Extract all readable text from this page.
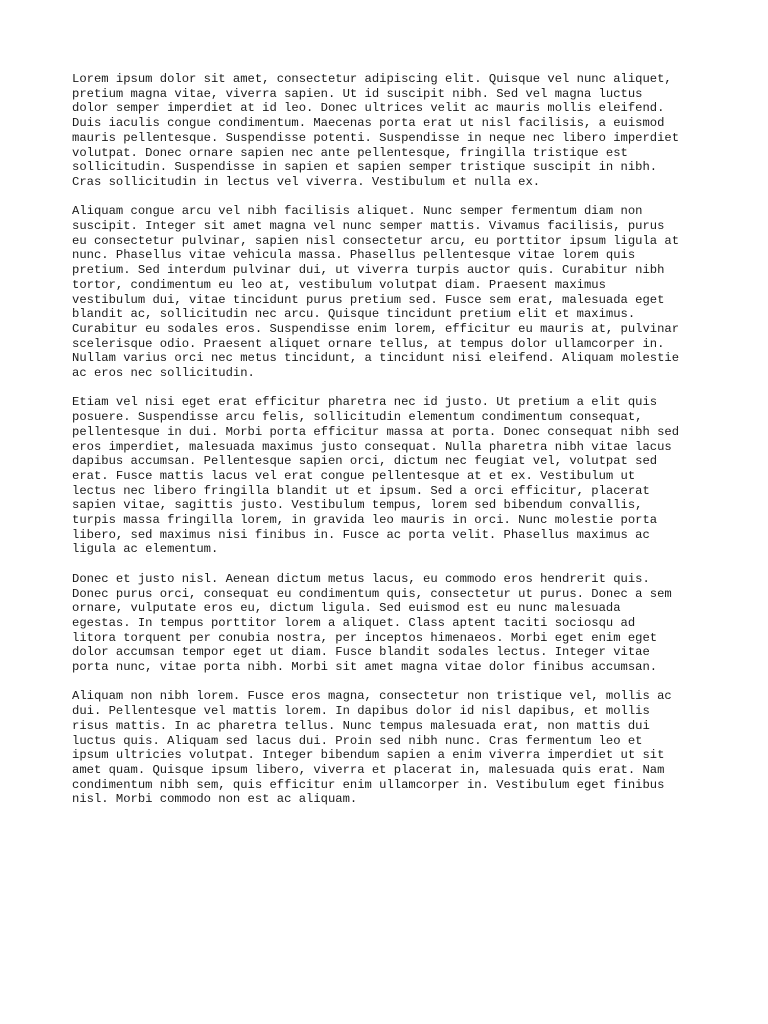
Lorem ipsum dolor sit amet, consectetur adipiscing elit. Quisque vel nunc aliquet,
pretium magna vitae, viverra sapien. Ut id suscipit nibh. Sed vel magna luctus
dolor semper imperdiet at id leo. Donec ultrices velit ac mauris mollis eleifend.
Duis iaculis congue condimentum. Maecenas porta erat ut nisl facilisis, a euismod
mauris pellentesque. Suspendisse potenti. Suspendisse in neque nec libero imperdiet
volutpat. Donec ornare sapien nec ante pellentesque, fringilla tristique est
sollicitudin. Suspendisse in sapien et sapien semper tristique suscipit in nibh.
Cras sollicitudin in lectus vel viverra. Vestibulum et nulla ex.

Aliquam congue arcu vel nibh facilisis aliquet. Nunc semper fermentum diam non
suscipit. Integer sit amet magna vel nunc semper mattis. Vivamus facilisis, purus
eu consectetur pulvinar, sapien nisl consectetur arcu, eu porttitor ipsum ligula at
nunc. Phasellus vitae vehicula massa. Phasellus pellentesque vitae lorem quis
pretium. Sed interdum pulvinar dui, ut viverra turpis auctor quis. Curabitur nibh
tortor, condimentum eu leo at, vestibulum volutpat diam. Praesent maximus
vestibulum dui, vitae tincidunt purus pretium sed. Fusce sem erat, malesuada eget
blandit ac, sollicitudin nec arcu. Quisque tincidunt pretium elit et maximus.
Curabitur eu sodales eros. Suspendisse enim lorem, efficitur eu mauris at, pulvinar
scelerisque odio. Praesent aliquet ornare tellus, at tempus dolor ullamcorper in.
Nullam varius orci nec metus tincidunt, a tincidunt nisi eleifend. Aliquam molestie
ac eros nec sollicitudin.

Etiam vel nisi eget erat efficitur pharetra nec id justo. Ut pretium a elit quis
posuere. Suspendisse arcu felis, sollicitudin elementum condimentum consequat,
pellentesque in dui. Morbi porta efficitur massa at porta. Donec consequat nibh sed
eros imperdiet, malesuada maximus justo consequat. Nulla pharetra nibh vitae lacus
dapibus accumsan. Pellentesque sapien orci, dictum nec feugiat vel, volutpat sed
erat. Fusce mattis lacus vel erat congue pellentesque at et ex. Vestibulum ut
lectus nec libero fringilla blandit ut et ipsum. Sed a orci efficitur, placerat
sapien vitae, sagittis justo. Vestibulum tempus, lorem sed bibendum convallis,
turpis massa fringilla lorem, in gravida leo mauris in orci. Nunc molestie porta
libero, sed maximus nisi finibus in. Fusce ac porta velit. Phasellus maximus ac
ligula ac elementum.

Donec et justo nisl. Aenean dictum metus lacus, eu commodo eros hendrerit quis.
Donec purus orci, consequat eu condimentum quis, consectetur ut purus. Donec a sem
ornare, vulputate eros eu, dictum ligula. Sed euismod est eu nunc malesuada
egestas. In tempus porttitor lorem a aliquet. Class aptent taciti sociosqu ad
litora torquent per conubia nostra, per inceptos himenaeos. Morbi eget enim eget
dolor accumsan tempor eget ut diam. Fusce blandit sodales lectus. Integer vitae
porta nunc, vitae porta nibh. Morbi sit amet magna vitae dolor finibus accumsan.

Aliquam non nibh lorem. Fusce eros magna, consectetur non tristique vel, mollis ac
dui. Pellentesque vel mattis lorem. In dapibus dolor id nisl dapibus, et mollis
risus mattis. In ac pharetra tellus. Nunc tempus malesuada erat, non mattis dui
luctus quis. Aliquam sed lacus dui. Proin sed nibh nunc. Cras fermentum leo et
ipsum ultricies volutpat. Integer bibendum sapien a enim viverra imperdiet ut sit
amet quam. Quisque ipsum libero, viverra et placerat in, malesuada quis erat. Nam
condimentum nibh sem, quis efficitur enim ullamcorper in. Vestibulum eget finibus
nisl. Morbi commodo non est ac aliquam.
